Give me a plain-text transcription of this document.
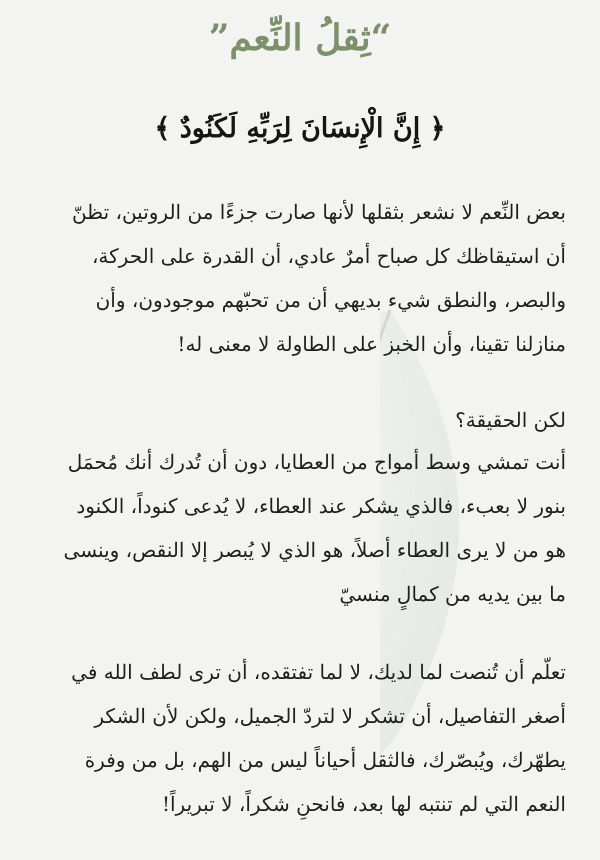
“ثِقلُ النِّعم”
﴿ إِنَّ الْإِنسَانَ لِرَبِّهِ لَكَنُودٌ ﴾
بعض النِّعم لا نشعر بثقلها لأنها صارت جزءًا من الروتين، تظنّ
أن استيقاظك كل صباح أمرٌ عادي، أن القدرة على الحركة،
والبصر، والنطق شيء بديهي أن من تحبّهم موجودون، وأن
منازلنا تقينا، وأن الخبز على الطاولة لا معنى له!
لكن الحقيقة؟
أنت تمشي وسط أمواج من العطايا، دون أن تُدرك أنك مُحمَل
بنور لا بعبء، فالذي يشكر عند العطاء، لا يُدعى كنوداً، الكنود
هو من لا يرى العطاء أصلاً، هو الذي لا يُبصر إلا النقص، وينسى
ما بين يديه من كمالٍ منسيّ
تعلّم أن تُنصت لما لديك، لا لما تفتقده، أن ترى لطف الله في
أصغر التفاصيل، أن تشكر لا لتردّ الجميل، ولكن لأن الشكر
يطهّرك، ويُبصّرك، فالثقل أحياناً ليس من الهم، بل من وفرة
النعم التي لم تنتبه لها بعد، فانحنِ شكراً، لا تبريراً!
